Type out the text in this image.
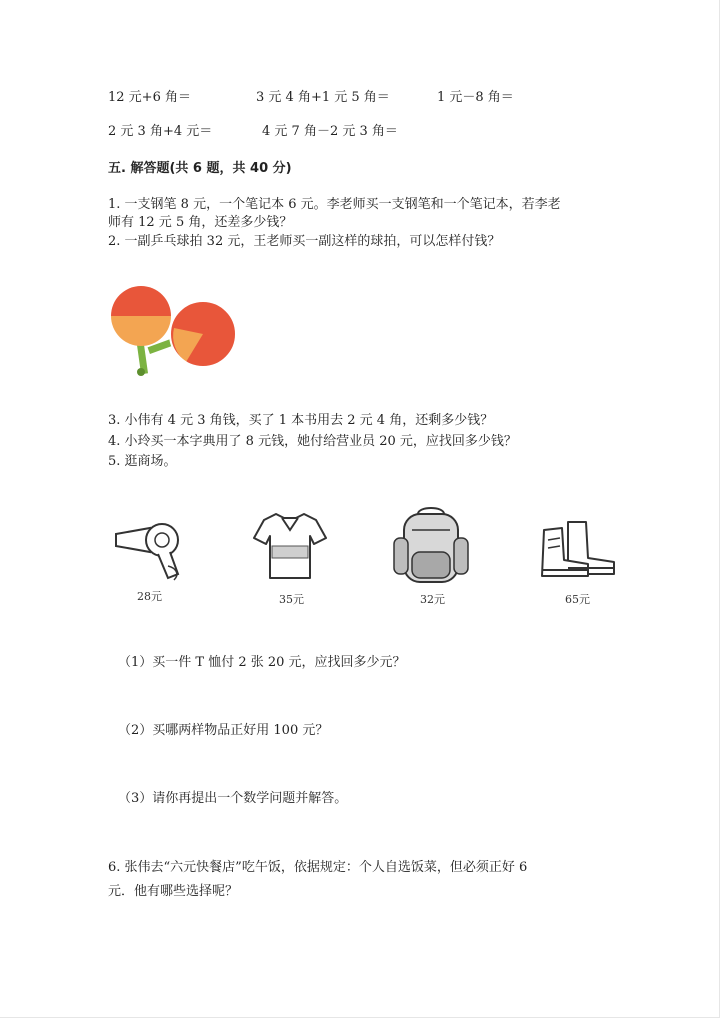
12 元+6 角＝	3 元 4 角+1 元 5 角＝	1 元－8 角＝
2 元 3 角+4 元＝	4 元 7 角－2 元 3 角＝
五. 解答题(共 6 题，共 40 分)
1. 一支钢笔 8 元，一个笔记本 6 元。李老师买一支钢笔和一个笔记本，若李老
师有 12 元 5 角，还差多少钱？
2. 一副乒乓球拍 32 元，王老师买一副这样的球拍，可以怎样付钱？
3. 小伟有 4 元 3 角钱，买了 1 本书用去 2 元 4 角，还剩多少钱？
4. 小玲买一本字典用了 8 元钱，她付给营业员 20 元，应找回多少钱？
5. 逛商场。
28元	35元	32元	65元
（1）买一件 T 恤付 2 张 20 元，应找回多少元？
（2）买哪两样物品正好用 100 元？
（3）请你再提出一个数学问题并解答。
6. 张伟去“六元快餐店”吃午饭，依据规定：个人自选饭菜，但必须正好 6
元．他有哪些选择呢？
